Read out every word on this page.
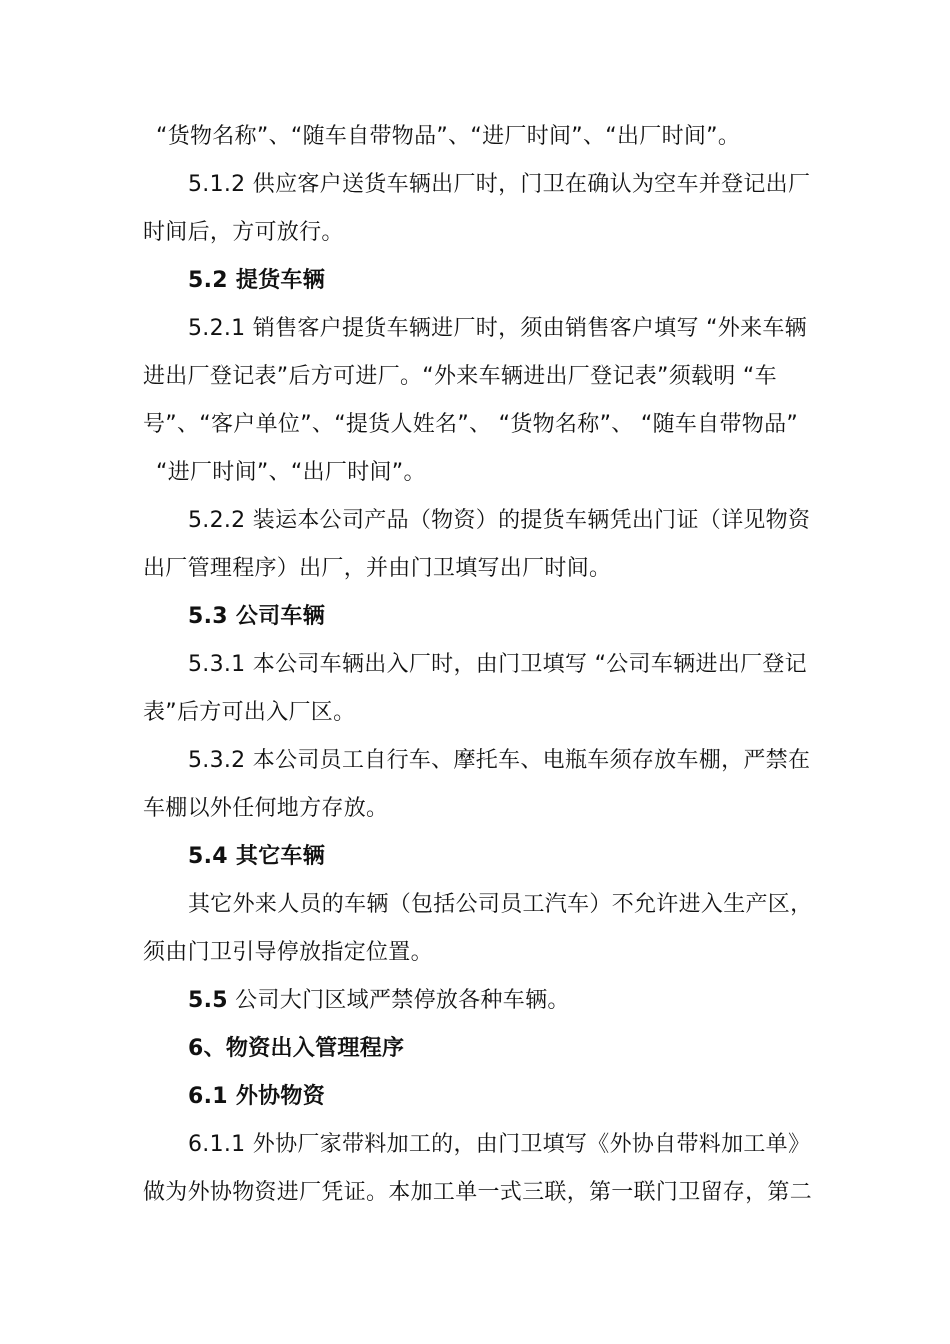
“货物名称”、“随车自带物品”、“进厂时间”、“出厂时间”。
5.1.2 供应客户送货车辆出厂时，门卫在确认为空车并登记出厂
时间后，方可放行。
5.2 提货车辆
5.2.1 销售客户提货车辆进厂时，须由销售客户填写 “外来车辆
进出厂登记表”后方可进厂。“外来车辆进出厂登记表”须载明 “车
号”、“客户单位”、“提货人姓名”、 “货物名称”、 “随车自带物品”
“进厂时间”、“出厂时间”。
5.2.2 装运本公司产品（物资）的提货车辆凭出门证（详见物资
出厂管理程序）出厂，并由门卫填写出厂时间。
5.3 公司车辆
5.3.1 本公司车辆出入厂时，由门卫填写 “公司车辆进出厂登记
表”后方可出入厂区。
5.3.2 本公司员工自行车、摩托车、电瓶车须存放车棚，严禁在
车棚以外任何地方存放。
5.4 其它车辆
其它外来人员的车辆（包括公司员工汽车）不允许进入生产区，
须由门卫引导停放指定位置。
5.5 公司大门区域严禁停放各种车辆。
6、物资出入管理程序
6.1 外协物资
6.1.1 外协厂家带料加工的，由门卫填写《外协自带料加工单》
做为外协物资进厂凭证。本加工单一式三联，第一联门卫留存，第二
